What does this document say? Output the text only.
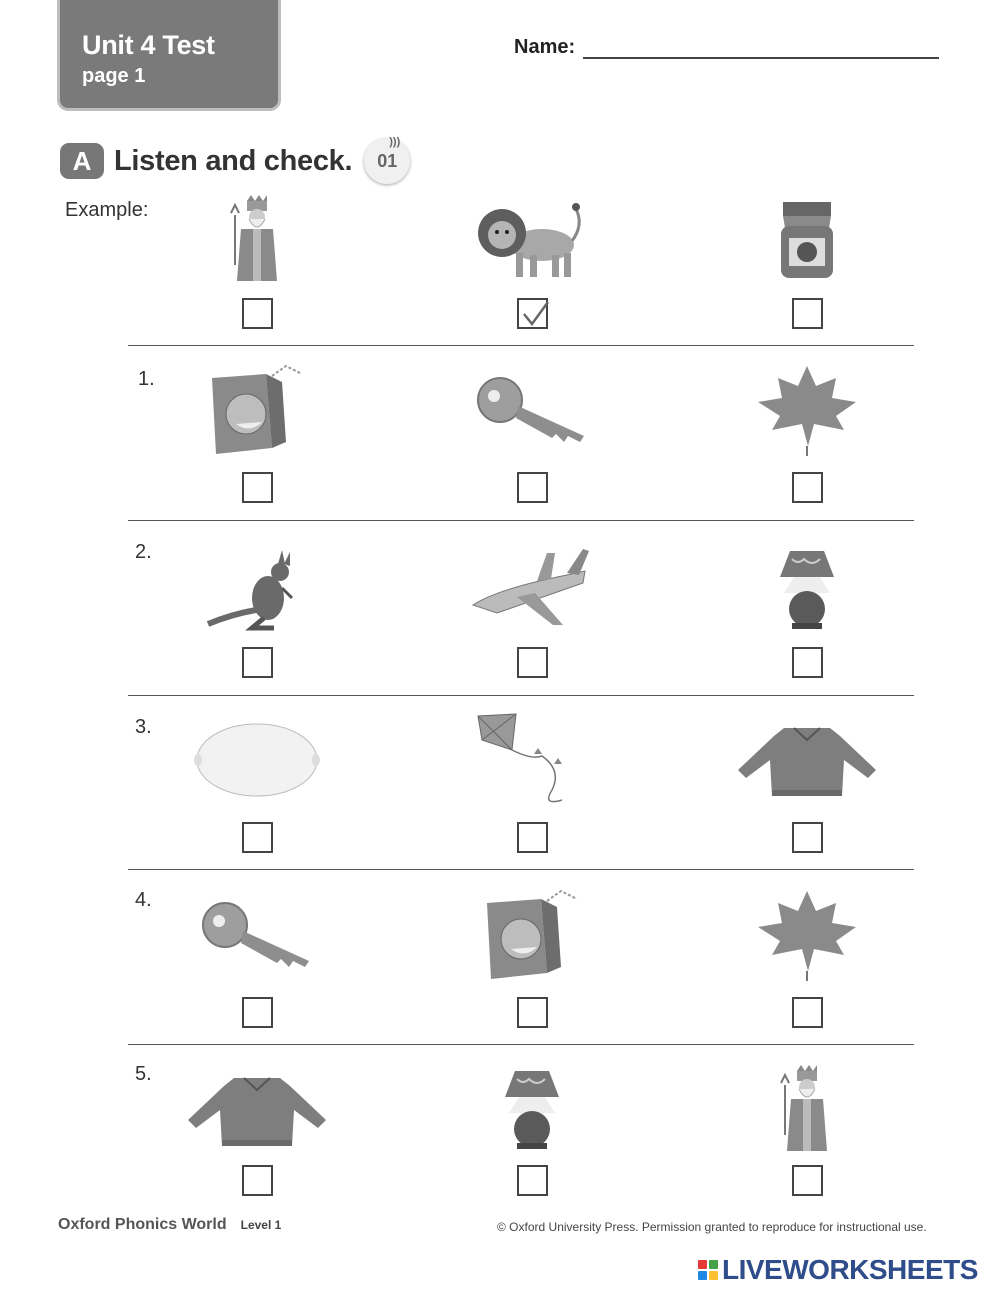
Unit 4 Test
page 1
Name:
A Listen and check.
)))
01
Example:
1.
2.
3.
4.
5.
Oxford Phonics World Level 1	© Oxford University Press. Permission granted to reproduce for instructional use.
LIVEWORKSHEETS
